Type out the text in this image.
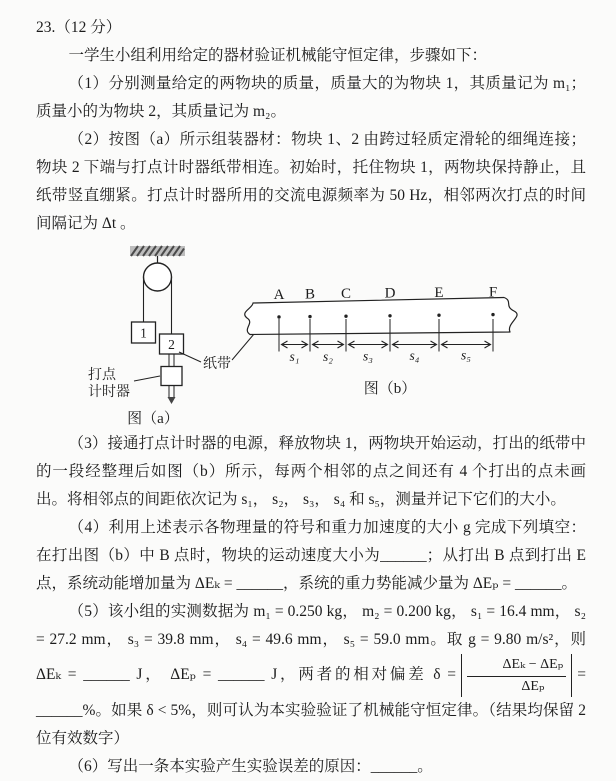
23.（12 分）

一学生小组利用给定的器材验证机械能守恒定律，步骤如下：

（1）分别测量给定的两物块的质量，质量大的为物块 1，其质量记为 m₁；质量小的为物块 2，其质量记为 m₂。

（2）按图（a）所示组装器材：物块 1、2 由跨过轻质定滑轮的细绳连接；物块 2 下端与打点计时器纸带相连。初始时，托住物块 1，两物块保持静止，且纸带竖直绷紧。打点计时器所用的交流电源频率为 50 Hz，相邻两次打点的时间间隔记为 Δt 。

1
2
打点
计时器
纸带
图（a）
A B C D	E	F
s₁ s₂ s₃	s₄	s₅
图（b）

（3）接通打点计时器的电源，释放物块 1，两物块开始运动，打出的纸带中的一段经整理后如图（b）所示，每两个相邻的点之间还有 4 个打出的点未画出。将相邻点的间距依次记为 s₁， s₂， s₃， s₄ 和 s₅，测量并记下它们的大小。

（4）利用上述表示各物理量的符号和重力加速度的大小 g 完成下列填空：在打出图（b）中 B 点时，物块的运动速度大小为______；从打出 B 点到打出 E 点，系统动能增加量为 ΔEₖ = ______，系统的重力势能减少量为 ΔEₚ = ______。

（5）该小组的实测数据为 m₁ = 0.250 kg， m₂ = 0.200 kg， s₁ = 16.4 mm， s₂ = 27.2 mm， s₃ = 39.8 mm， s₄ = 49.6 mm， s₅ = 59.0 mm。取 g = 9.80 m/s²，则 ΔEₖ = ______ J， ΔEₚ = ______ J，两者的相对偏差 $\delta = \frac{\text{ΔEₖ − ΔEₚ}}{\text{ΔEₚ}}$ = ______%。如果 δ < 5%，则可认为本实验验证了机械能守恒定律。（结果均保留 2 位有效数字）

（6）写出一条本实验产生实验误差的原因：______。
